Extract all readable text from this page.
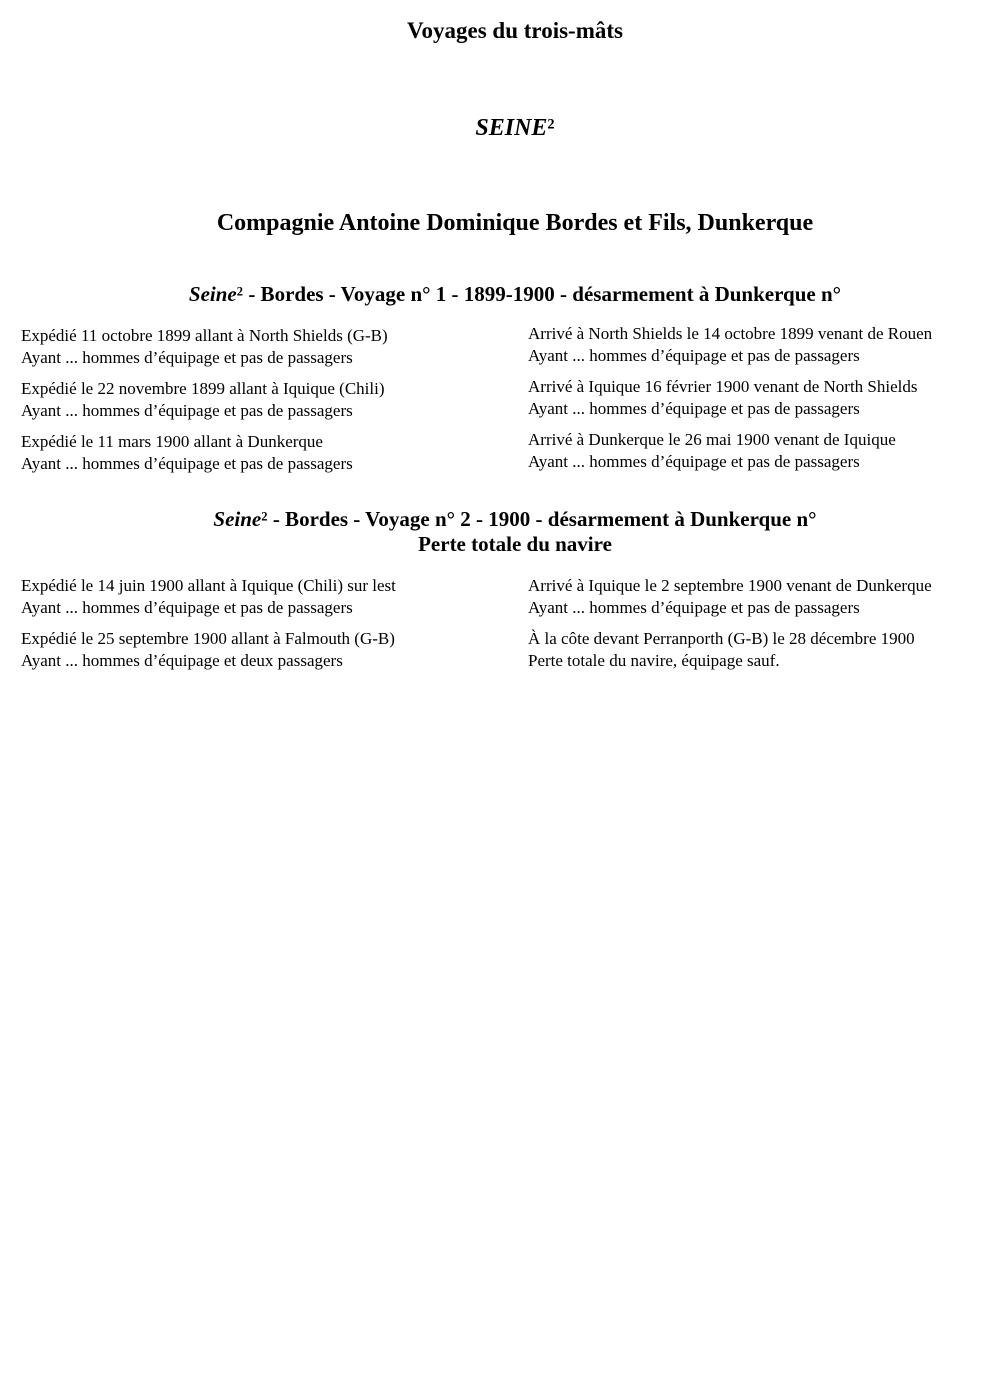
Voyages du trois-mâts
SEINE$^2$
Compagnie Antoine Dominique Bordes et Fils, Dunkerque
Seine$^2$ - Bordes - Voyage n° 1 - 1899-1900 - désarmement à Dunkerque n°
Expédié 11 octobre 1899 allant à North Shields (G-B)
Ayant ... hommes d’équipage et pas de passagers
Expédié le 22 novembre 1899 allant à Iquique (Chili)
Ayant ... hommes d’équipage et pas de passagers
Expédié le 11 mars 1900 allant à Dunkerque
Ayant ... hommes d’équipage et pas de passagers
Arrivé à North Shields le 14 octobre 1899 venant de Rouen
Ayant ... hommes d’équipage et pas de passagers
Arrivé à Iquique 16 février 1900 venant de North Shields
Ayant ... hommes d’équipage et pas de passagers
Arrivé à Dunkerque le 26 mai 1900 venant de Iquique
Ayant ... hommes d’équipage et pas de passagers
Seine$^2$ - Bordes - Voyage n° 2 - 1900 - désarmement à Dunkerque n°
Perte totale du navire
Expédié le 14 juin 1900 allant à Iquique (Chili) sur lest
Ayant ... hommes d’équipage et pas de passagers
Expédié le 25 septembre 1900 allant à Falmouth (G-B)
Ayant ... hommes d’équipage et deux passagers
Arrivé à Iquique le 2 septembre 1900 venant de Dunkerque
Ayant ... hommes d’équipage et pas de passagers
À la côte devant Perranporth (G-B) le 28 décembre 1900
Perte totale du navire, équipage sauf.
